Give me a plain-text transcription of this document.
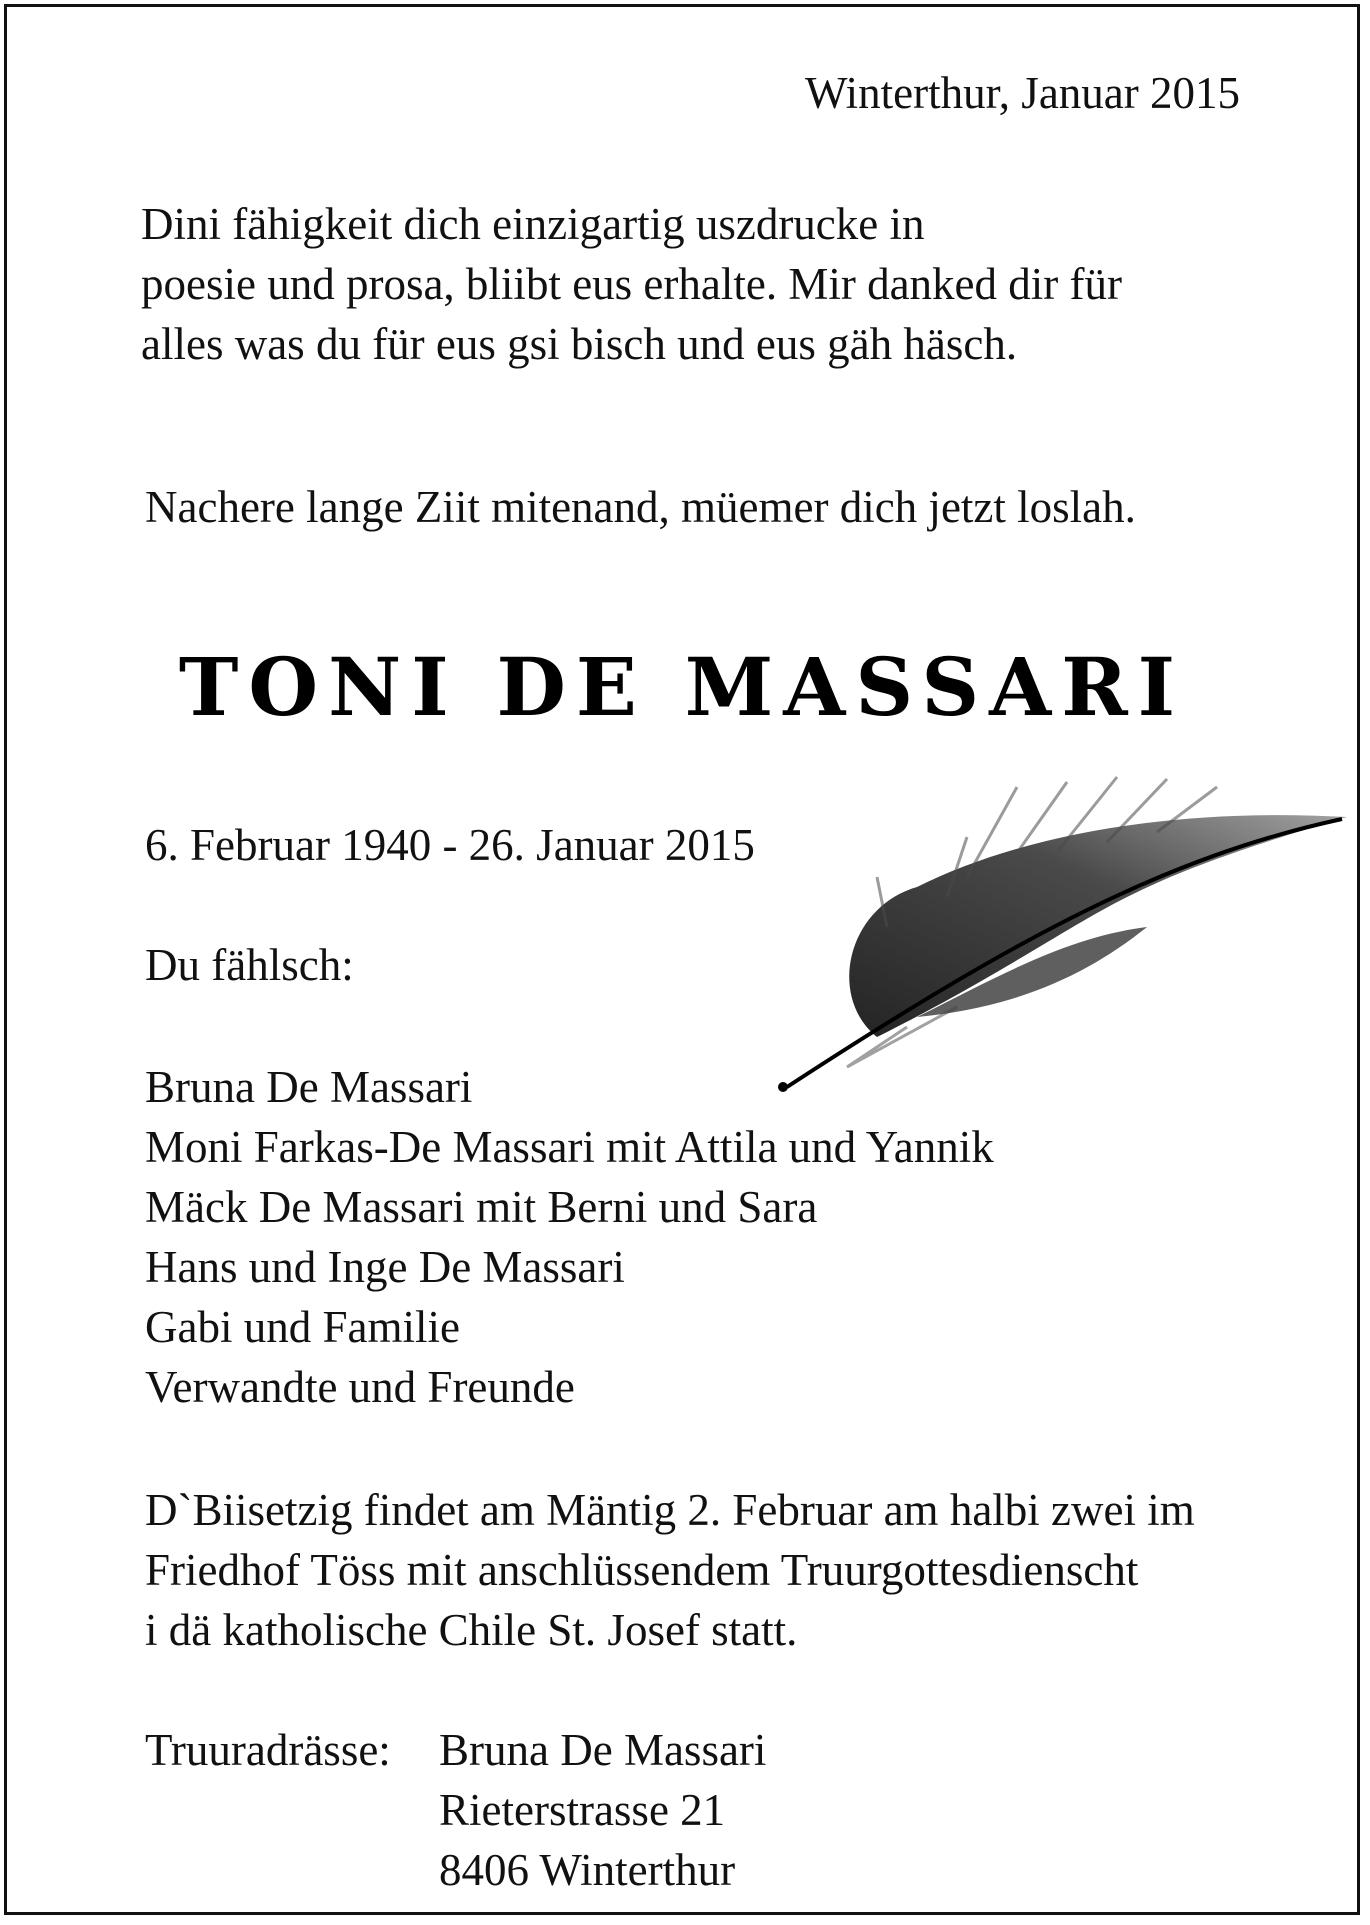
Winterthur, Januar 2015
Dini fähigkeit dich einzigartig uszdrucke in
poesie und prosa, bliibt eus erhalte. Mir danked dir für
alles was du für eus gsi bisch und eus gäh häsch.
Nachere lange Ziit mitenand, müemer dich jetzt loslah.
TONI DE MASSARI
6. Februar 1940 - 26. Januar 2015
Du fählsch:
Bruna De Massari
Moni Farkas-De Massari mit Attila und Yannik
Mäck De Massari mit Berni und Sara
Hans und Inge De Massari
Gabi und Familie
Verwandte und Freunde
D`Biisetzig findet am Mäntig 2. Februar am halbi zwei im
Friedhof Töss mit anschlüssendem Truurgottesdienscht
i dä katholische Chile St. Josef statt.
Truuradrässe: Bruna De Massari
Rieterstrasse 21
8406 Winterthur
